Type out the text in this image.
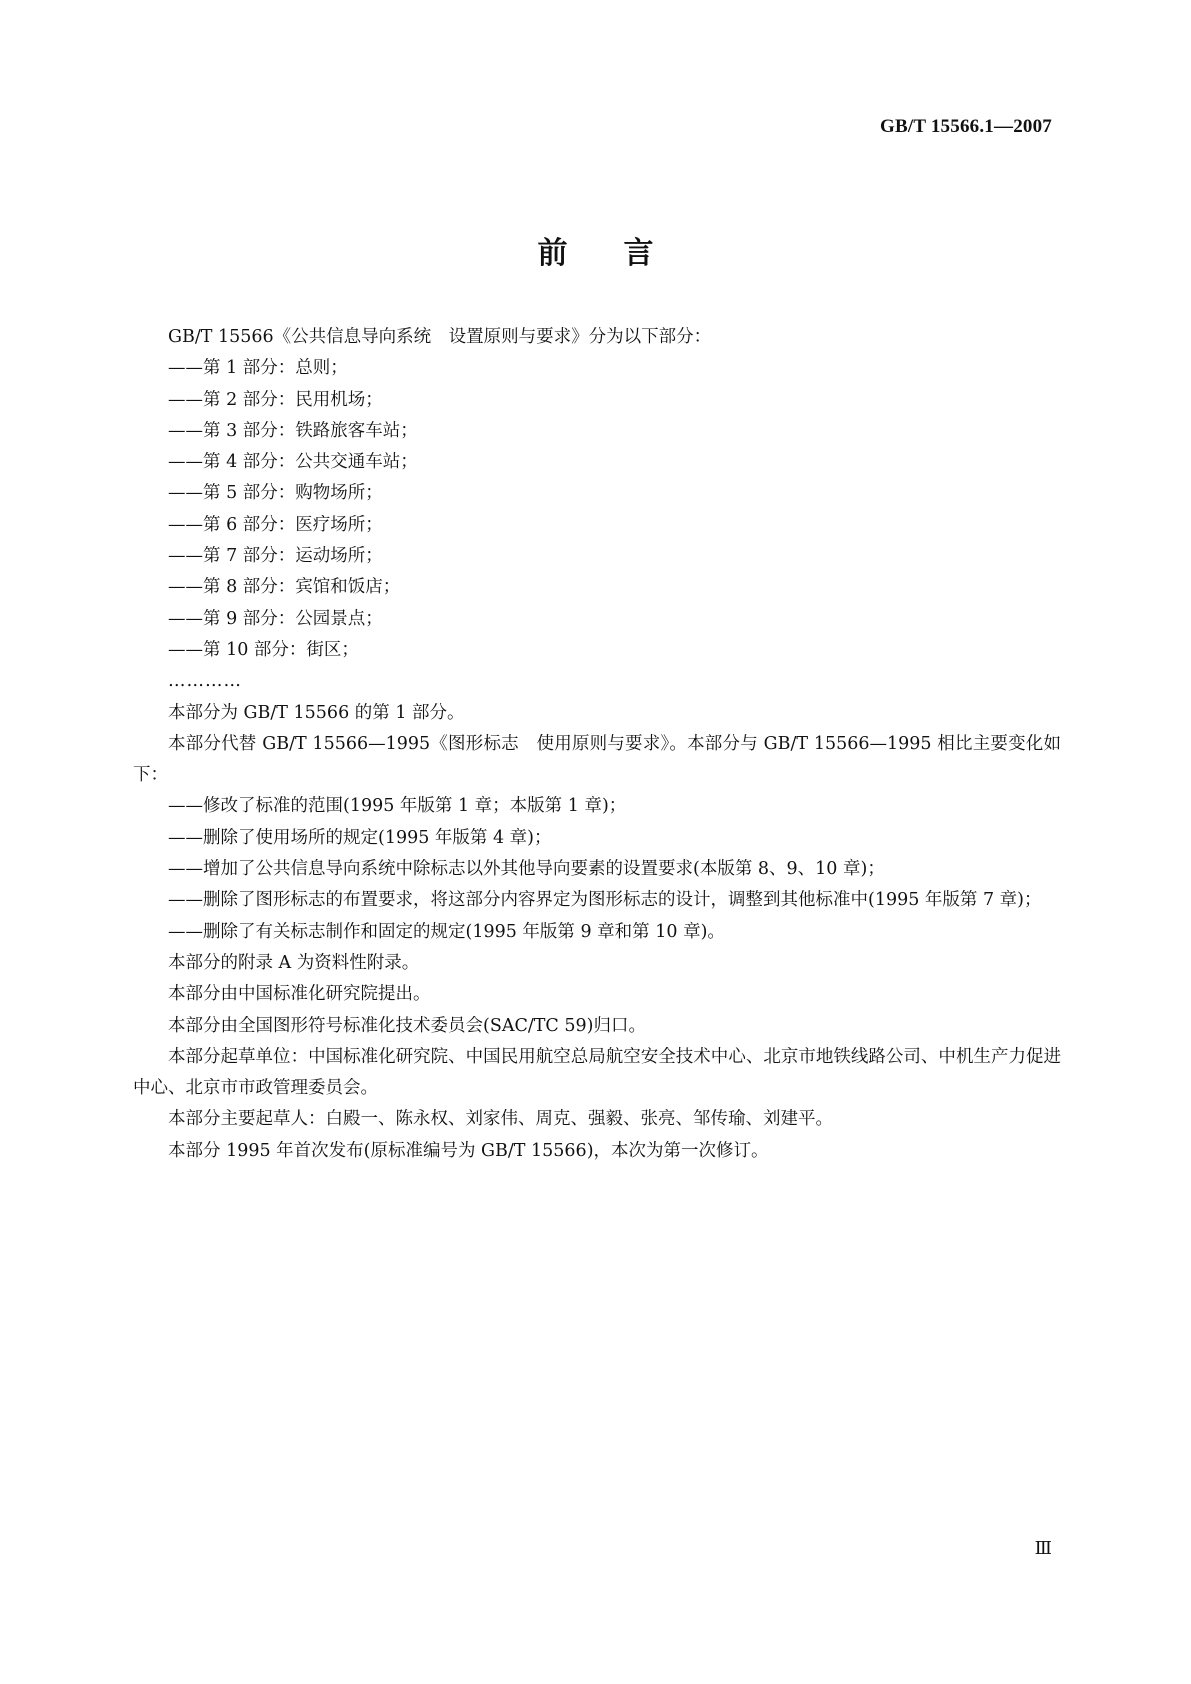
GB/T 15566.1—2007
前言

GB/T 15566《公共信息导向系统　设置原则与要求》分为以下部分：

——第 1 部分：总则；

——第 2 部分：民用机场；

——第 3 部分：铁路旅客车站；

——第 4 部分：公共交通车站；

——第 5 部分：购物场所；

——第 6 部分：医疗场所；

——第 7 部分：运动场所；

——第 8 部分：宾馆和饭店；

——第 9 部分：公园景点；

——第 10 部分：街区；

…………

本部分为 GB/T 15566 的第 1 部分。

本部分代替 GB/T 15566—1995《图形标志　使用原则与要求》。本部分与 GB/T 15566—1995 相比主要变化如下：

——修改了标准的范围(1995 年版第 1 章；本版第 1 章)；

——删除了使用场所的规定(1995 年版第 4 章)；

——增加了公共信息导向系统中除标志以外其他导向要素的设置要求(本版第 8、9、10 章)；

——删除了图形标志的布置要求，将这部分内容界定为图形标志的设计，调整到其他标准中(1995 年版第 7 章)；

——删除了有关标志制作和固定的规定(1995 年版第 9 章和第 10 章)。

本部分的附录 A 为资料性附录。

本部分由中国标准化研究院提出。

本部分由全国图形符号标准化技术委员会(SAC/TC 59)归口。

本部分起草单位：中国标准化研究院、中国民用航空总局航空安全技术中心、北京市地铁线路公司、中机生产力促进中心、北京市市政管理委员会。

本部分主要起草人：白殿一、陈永权、刘家伟、周克、强毅、张亮、邹传瑜、刘建平。

本部分 1995 年首次发布(原标准编号为 GB/T 15566)，本次为第一次修订。

Ⅲ
